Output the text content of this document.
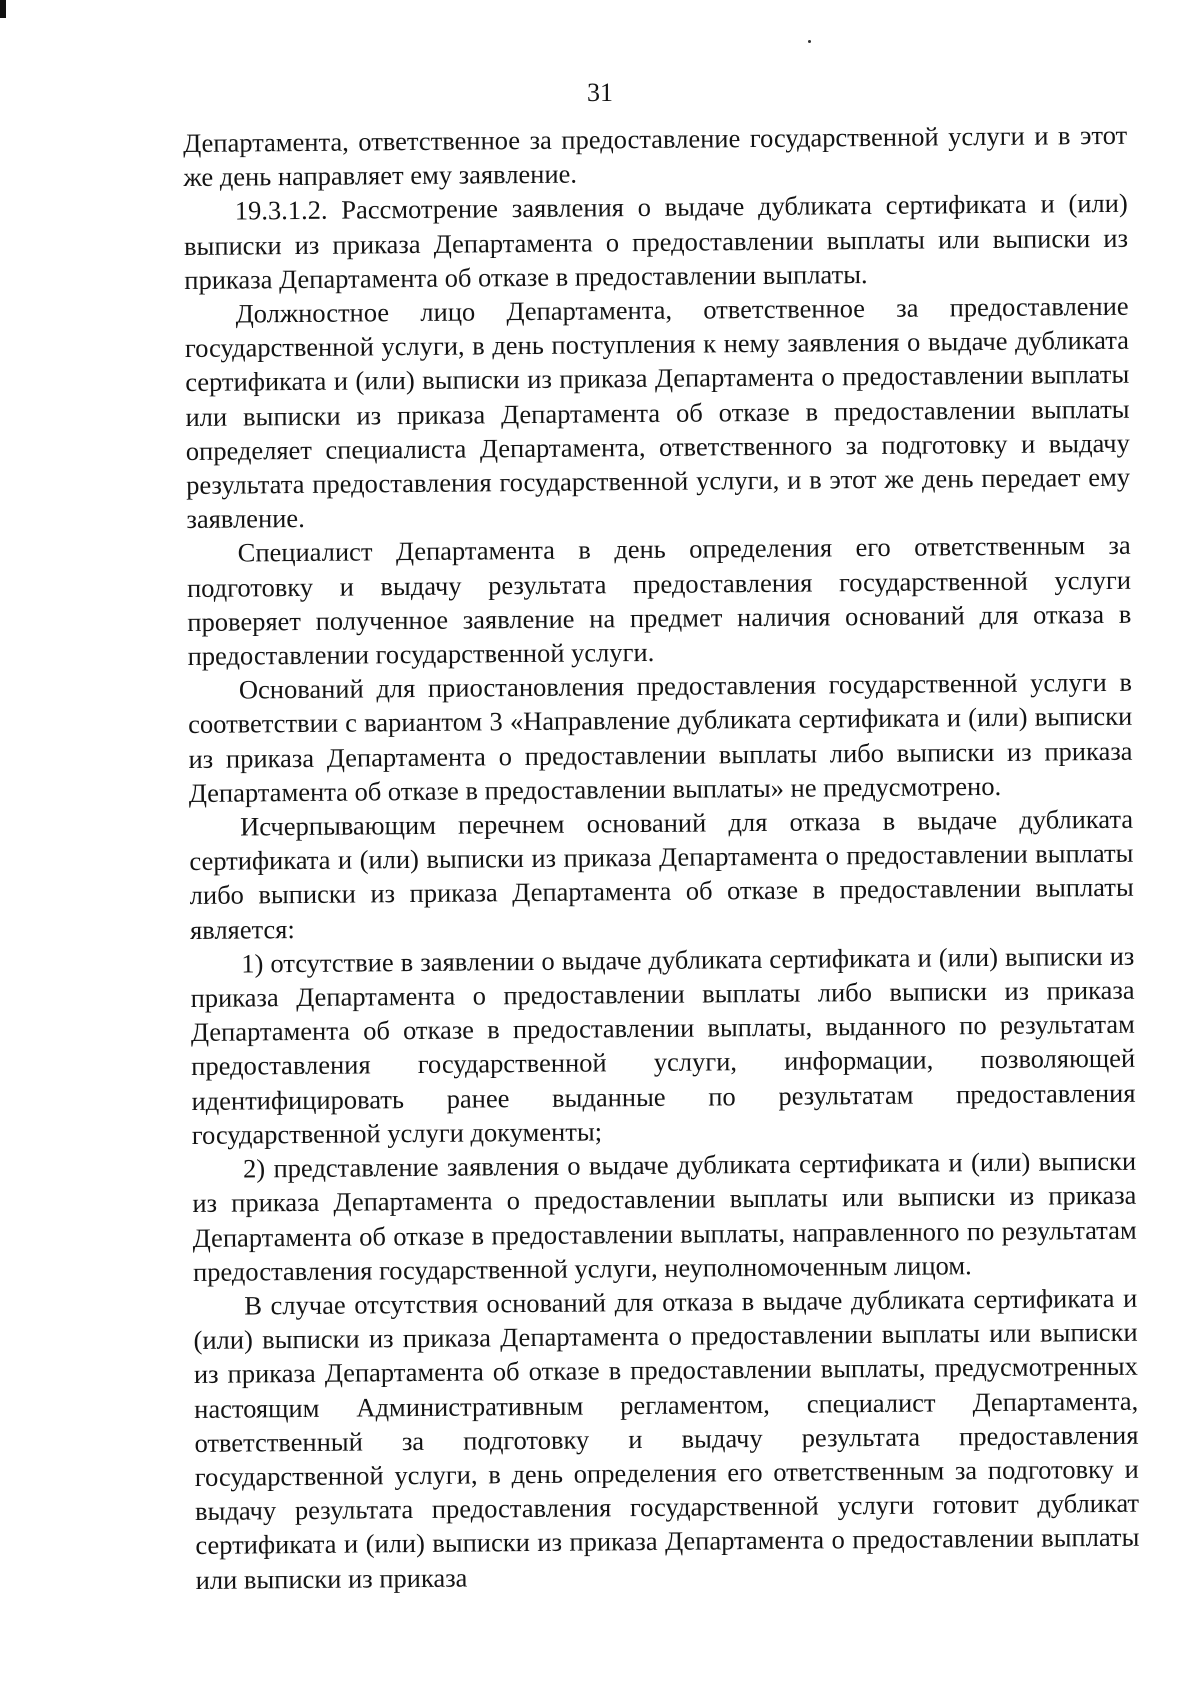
31

Департамента, ответственное за предоставление государственной услуги и в этот же день направляет ему заявление.

19.3.1.2. Рассмотрение заявления о выдаче дубликата сертификата и (или) выписки из приказа Департамента о предоставлении выплаты или выписки из приказа Департамента об отказе в предоставлении выплаты.

Должностное лицо Департамента, ответственное за предоставление государственной услуги, в день поступления к нему заявления о выдаче дубликата сертификата и (или) выписки из приказа Департамента о предоставлении выплаты или выписки из приказа Департамента об отказе в предоставлении выплаты определяет специалиста Департамента, ответственного за подготовку и выдачу результата предоставления государственной услуги, и в этот же день передает ему заявление.

Специалист Департамента в день определения его ответственным за подготовку и выдачу результата предоставления государственной услуги проверяет полученное заявление на предмет наличия оснований для отказа в предоставлении государственной услуги.

Оснований для приостановления предоставления государственной услуги в соответствии с вариантом 3 «Направление дубликата сертификата и (или) выписки из приказа Департамента о предоставлении выплаты либо выписки из приказа Департамента об отказе в предоставлении выплаты» не предусмотрено.

Исчерпывающим перечнем оснований для отказа в выдаче дубликата сертификата и (или) выписки из приказа Департамента о предоставлении выплаты либо выписки из приказа Департамента об отказе в предоставлении выплаты является:

1) отсутствие в заявлении о выдаче дубликата сертификата и (или) выписки из приказа Департамента о предоставлении выплаты либо выписки из приказа Департамента об отказе в предоставлении выплаты, выданного по результатам предоставления государственной услуги, информации, позволяющей идентифицировать ранее выданные по результатам предоставления государственной услуги документы;

2) представление заявления о выдаче дубликата сертификата и (или) выписки из приказа Департамента о предоставлении выплаты или выписки из приказа Департамента об отказе в предоставлении выплаты, направленного по результатам предоставления государственной услуги, неуполномоченным лицом.

В случае отсутствия оснований для отказа в выдаче дубликата сертификата и (или) выписки из приказа Департамента о предоставлении выплаты или выписки из приказа Департамента об отказе в предоставлении выплаты, предусмотренных настоящим Административным регламентом, специалист Департамента, ответственный за подготовку и выдачу результата предоставления государственной услуги, в день определения его ответственным за подготовку и выдачу результата предоставления государственной услуги готовит дубликат сертификата и (или) выписки из приказа Департамента о предоставлении выплаты или выписки из приказа
